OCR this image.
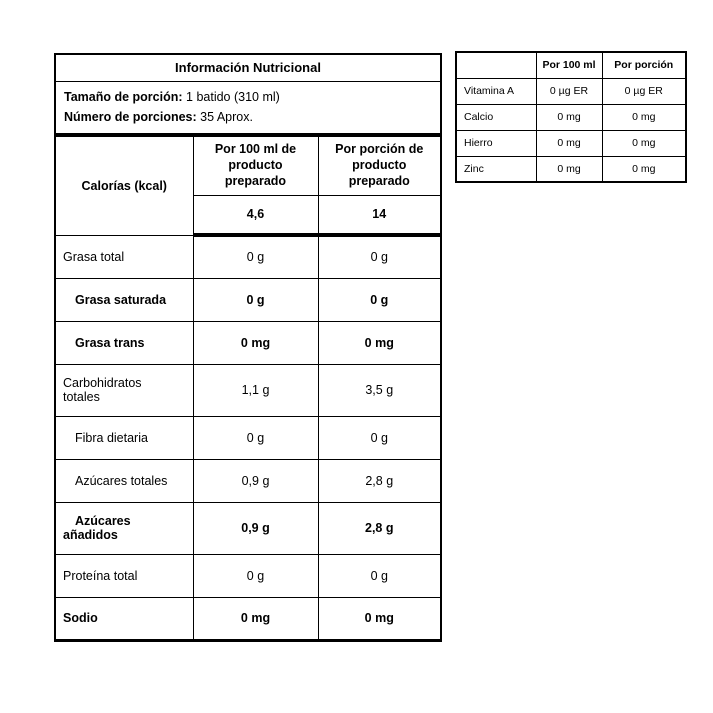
Información Nutricional		

Tamaño de porción: 1 batido (310 ml)
Número de porciones: 35 Aprox.		

Calorías (kcal)	Por 100 ml de producto preparado	Por porción de producto preparado
	4,6	14
Grasa total	0 g	0 g
Grasa saturada	0 g	0 g
Grasa trans	0 mg	0 mg

Carbohidratos totales	1,1 g	3,5 g
Fibra dietaria	0 g	0 g
Azúcares totales	0,9 g	2,8 g

Azúcares añadidos	0,9 g	2,8 g
Proteína total	0 g	0 g
Sodio	0 mg	0 mg
	Por 100 ml	Por porción
Vitamina A	0 µg ER	0 µg ER
Calcio	0 mg	0 mg
Hierro	0 mg	0 mg
Zinc	0 mg	0 mg
